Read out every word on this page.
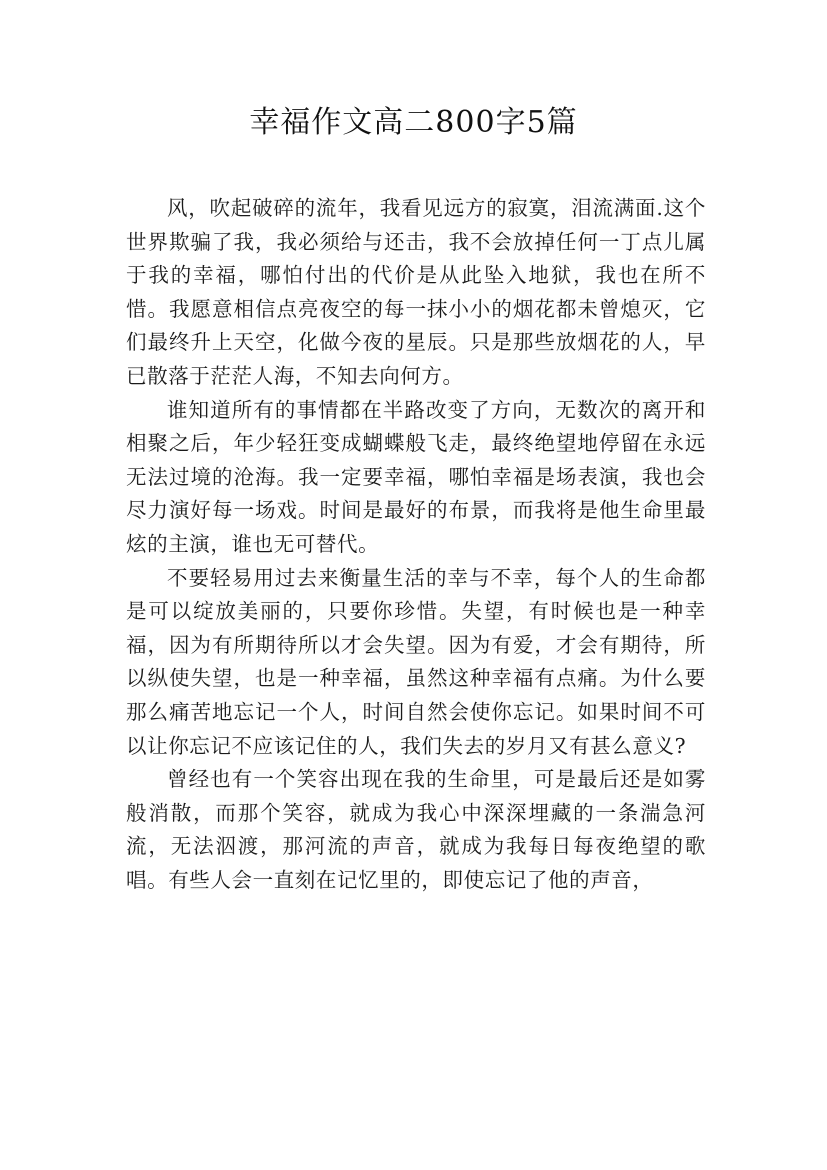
幸福作文高二800字5篇

风，吹起破碎的流年，我看见远方的寂寞，泪流满面.这个世界欺骗了我，我必须给与还击，我不会放掉任何一丁点儿属于我的幸福，哪怕付出的代价是从此坠入地狱，我也在所不惜。我愿意相信点亮夜空的每一抹小小的烟花都未曾熄灭，它们最终升上天空，化做今夜的星辰。只是那些放烟花的人，早已散落于茫茫人海，不知去向何方。

谁知道所有的事情都在半路改变了方向，无数次的离开和相聚之后，年少轻狂变成蝴蝶般飞走，最终绝望地停留在永远无法过境的沧海。我一定要幸福，哪怕幸福是场表演，我也会尽力演好每一场戏。时间是最好的布景，而我将是他生命里最炫的主演，谁也无可替代。

不要轻易用过去来衡量生活的幸与不幸，每个人的生命都是可以绽放美丽的，只要你珍惜。失望，有时候也是一种幸福，因为有所期待所以才会失望。因为有爱，才会有期待，所以纵使失望，也是一种幸福，虽然这种幸福有点痛。为什么要那么痛苦地忘记一个人，时间自然会使你忘记。如果时间不可以让你忘记不应该记住的人，我们失去的岁月又有甚么意义?

曾经也有一个笑容出现在我的生命里，可是最后还是如雾般消散，而那个笑容，就成为我心中深深埋藏的一条湍急河流，无法泅渡，那河流的声音，就成为我每日每夜绝望的歌唱。有些人会一直刻在记忆里的，即使忘记了他的声音，
